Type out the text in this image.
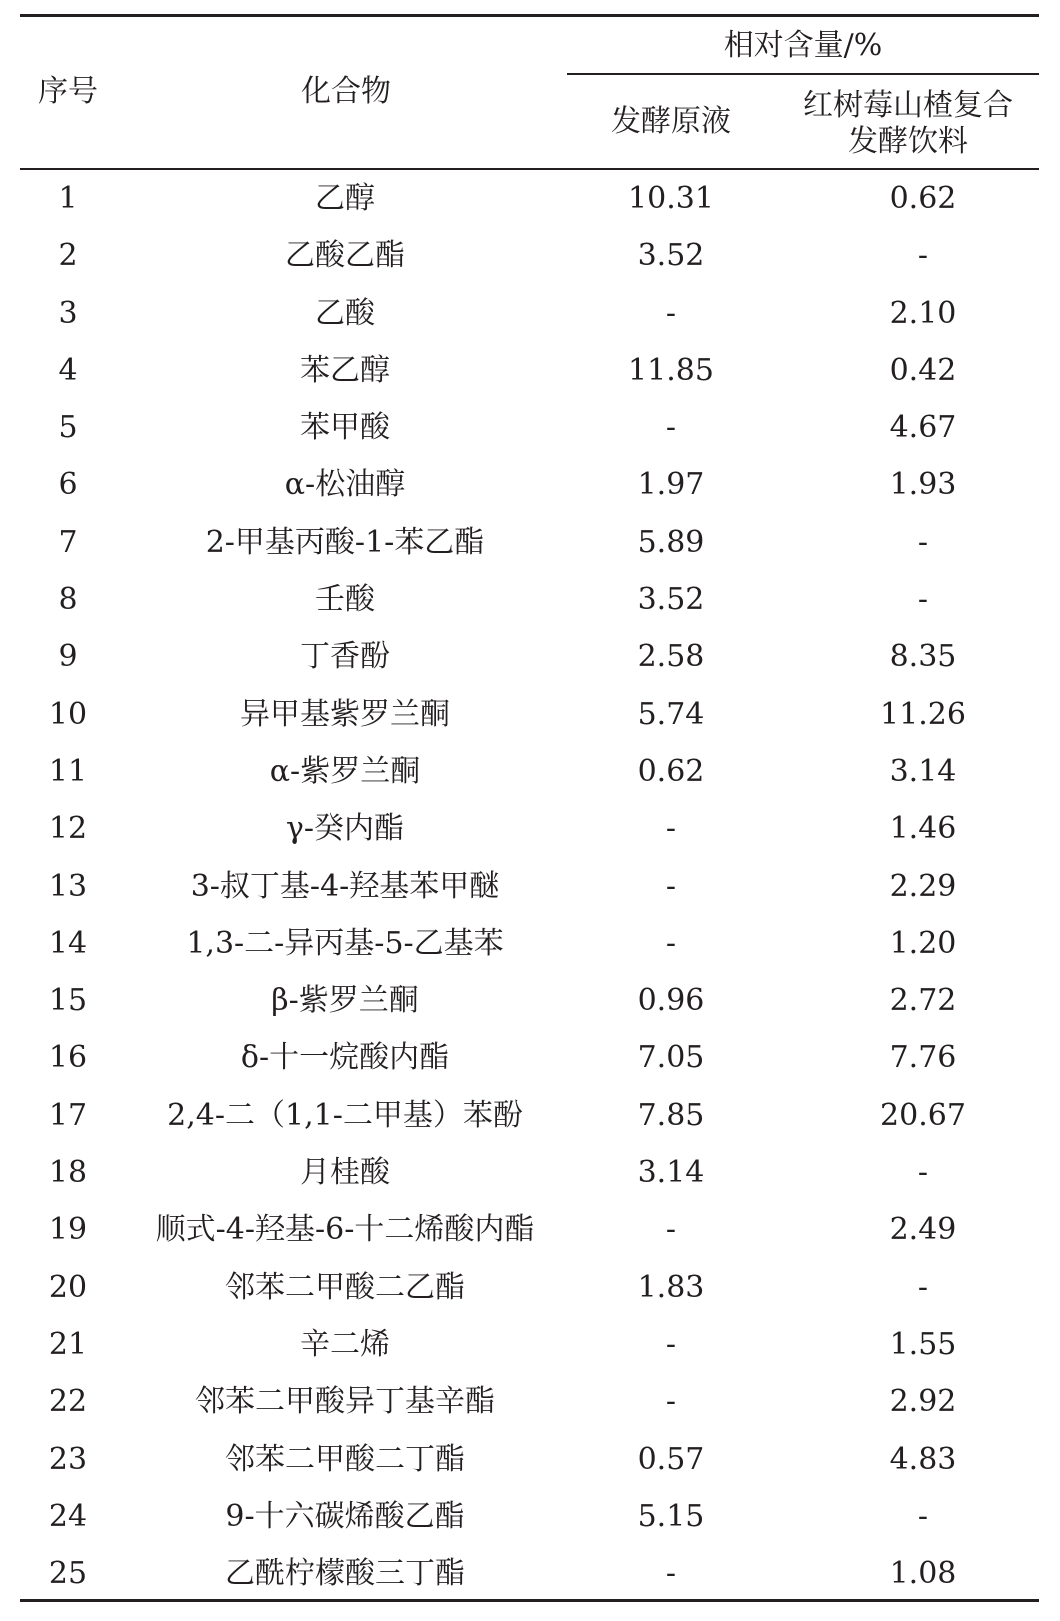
序号	化合物
相对含量/%
发酵原液	红树莓山楂复合
发酵饮料
1	乙醇	10.31	0.62
2	乙酸乙酯	3.52	-
3	乙酸	-	2.10
4	苯乙醇	11.85	0.42
5	苯甲酸	-	4.67
6	α-松油醇	1.97	1.93
7	2-甲基丙酸-1-苯乙酯	5.89	-
8	壬酸	3.52	-
9	丁香酚	2.58	8.35
10	异甲基紫罗兰酮	5.74	11.26
11	α-紫罗兰酮	0.62	3.14
12	γ-癸内酯	-	1.46
13	3-叔丁基-4-羟基苯甲醚	-	2.29
14	1,3-二-异丙基-5-乙基苯	-	1.20
15	β-紫罗兰酮	0.96	2.72
16	δ-十一烷酸内酯	7.05	7.76
17	2,4-二（1,1-二甲基）苯酚	7.85	20.67
18	月桂酸	3.14	-
19	顺式-4-羟基-6-十二烯酸内酯	-	2.49
20	邻苯二甲酸二乙酯	1.83	-
21	辛二烯	-	1.55
22	邻苯二甲酸异丁基辛酯	-	2.92
23	邻苯二甲酸二丁酯	0.57	4.83
24	9-十六碳烯酸乙酯	5.15	-
25	乙酰柠檬酸三丁酯	-	1.08
